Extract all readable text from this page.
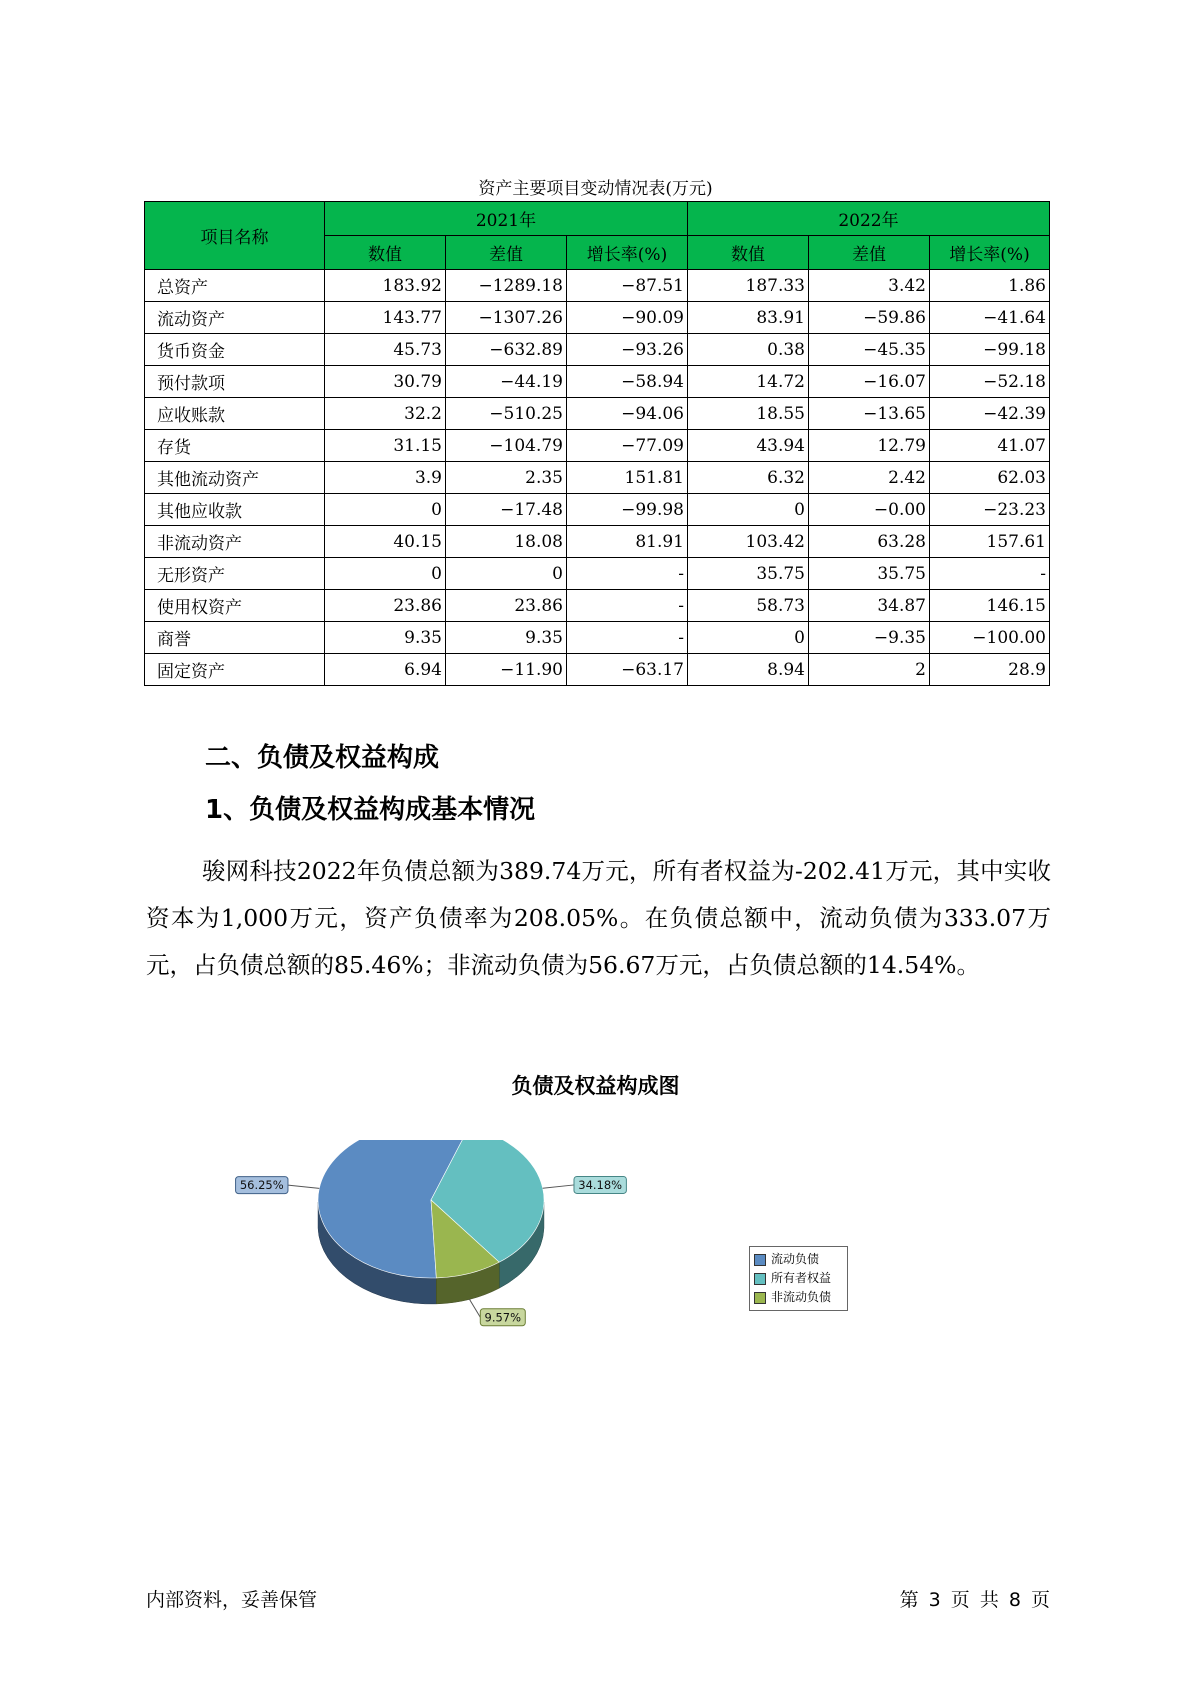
资产主要项目变动情况表(万元)
项目名称	2021年			2022年		
	数值	差值	增长率(%)	数值	差值	增长率(%)
总资产	183.92	−1289.18	−87.51	187.33	3.42	1.86
流动资产	143.77	−1307.26	−90.09	83.91	−59.86	−41.64
货币资金	45.73	−632.89	−93.26	0.38	−45.35	−99.18
预付款项	30.79	−44.19	−58.94	14.72	−16.07	−52.18
应收账款	32.2	−510.25	−94.06	18.55	−13.65	−42.39
存货	31.15	−104.79	−77.09	43.94	12.79	41.07
其他流动资产	3.9	2.35	151.81	6.32	2.42	62.03
其他应收款	0	−17.48	−99.98	0	−0.00	−23.23
非流动资产	40.15	18.08	81.91	103.42	63.28	157.61
无形资产	0	0	-	35.75	35.75	-
使用权资产	23.86	23.86	-	58.73	34.87	146.15
商誉	9.35	9.35	-	0	−9.35	−100.00
固定资产	6.94	−11.90	−63.17	8.94	2	28.9
二、负债及权益构成
1、负债及权益构成基本情况

骏网科技2022年负债总额为389.74万元，所有者权益为-202.41万元，其中实收资本为1,000万元，资产负债率为208.05%。在负债总额中，流动负债为333.07万元，占负债总额的85.46%；非流动负债为56.67万元，占负债总额的14.54%。

负债及权益构成图
56.25%	34.18%
9.57%
流动负债
所有者权益
非流动负债
内部资料，妥善保管	第 3 页 共 8 页
